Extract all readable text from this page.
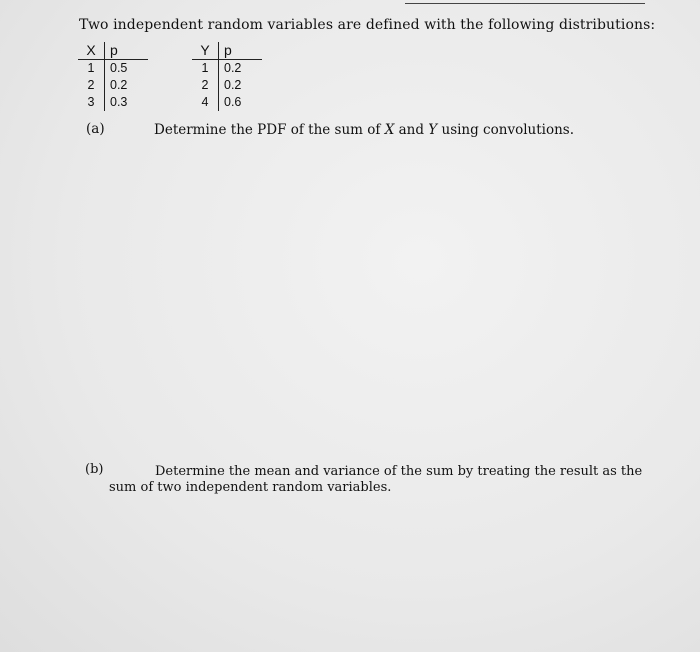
Two independent random variables are defined with the following distributions:
X	p
1	0.5
2	0.2
3	0.3
Y	p
1	0.2
2	0.2
4	0.6
(a)	Determine the PDF of the sum of X and Y using convolutions.
(b)	Determine the mean and variance of the sum by treating the result as the sum of two independent random variables.
